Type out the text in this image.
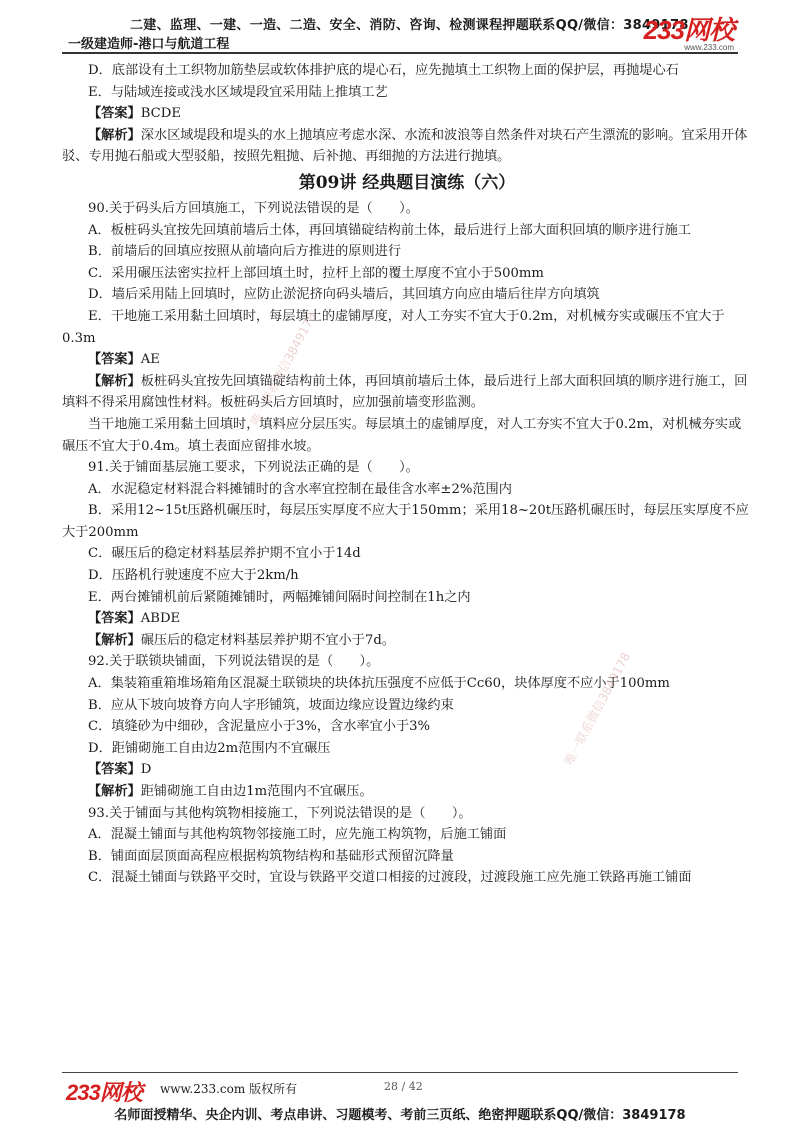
二建、监理、一建、一造、二造、安全、消防、咨询、检测课程押题联系QQ/微信：3849178
一级建造师-港口与航道工程	233网校
www.233.com
唯一联系微信3849178
唯一联系微信3849178

D．底部设有土工织物加筋垫层或软体排护底的堤心石，应先抛填土工织物上面的保护层，再抛堤心石

E．与陆域连接或浅水区域堤段宜采用陆上推填工艺

【答案】BCDE

【解析】深水区域堤段和堤头的水上抛填应考虑水深、水流和波浪等自然条件对块石产生漂流的影响。宜采用开体驳、专用抛石船或大型驳船，按照先粗抛、后补抛、再细抛的方法进行抛填。

第09讲 经典题目演练（六）

90.关于码头后方回填施工，下列说法错误的是（　　）。

A．板桩码头宜按先回填前墙后土体，再回填锚碇结构前土体，最后进行上部大面积回填的顺序进行施工

B．前墙后的回填应按照从前墙向后方推进的原则进行

C．采用碾压法密实拉杆上部回填土时，拉杆上部的覆土厚度不宜小于500mm

D．墙后采用陆上回填时，应防止淤泥挤向码头墙后，其回填方向应由墙后往岸方向填筑

E．干地施工采用黏土回填时，每层填土的虚铺厚度，对人工夯实不宜大于0.2m，对机械夯实或碾压不宜大于0.3m

【答案】AE

【解析】板桩码头宜按先回填锚碇结构前土体，再回填前墙后土体，最后进行上部大面积回填的顺序进行施工，回填料不得采用腐蚀性材料。板桩码头后方回填时，应加强前墙变形监测。

当干地施工采用黏土回填时，填料应分层压实。每层填土的虚铺厚度，对人工夯实不宜大于0.2m，对机械夯实或碾压不宜大于0.4m。填土表面应留排水坡。

91.关于铺面基层施工要求，下列说法正确的是（　　）。

A．水泥稳定材料混合料摊铺时的含水率宜控制在最佳含水率±2%范围内

B．采用12~15t压路机碾压时，每层压实厚度不应大于150mm；采用18~20t压路机碾压时，每层压实厚度不应大于200mm

C．碾压后的稳定材料基层养护期不宜小于14d

D．压路机行驶速度不应大于2km/h

E．两台摊铺机前后紧随摊铺时，两幅摊铺间隔时间控制在1h之内

【答案】ABDE

【解析】碾压后的稳定材料基层养护期不宜小于7d。

92.关于联锁块铺面，下列说法错误的是（　　）。

A．集装箱重箱堆场箱角区混凝土联锁块的块体抗压强度不应低于Cc60，块体厚度不应小于100mm

B．应从下坡向坡脊方向人字形铺筑，坡面边缘应设置边缘约束

C．填缝砂为中细砂，含泥量应小于3%，含水率宜小于3%

D．距铺砌施工自由边2m范围内不宜碾压

【答案】D

【解析】距铺砌施工自由边1m范围内不宜碾压。

93.关于铺面与其他构筑物相接施工，下列说法错误的是（　　）。

A．混凝土铺面与其他构筑物邻接施工时，应先施工构筑物，后施工铺面

B．铺面面层顶面高程应根据构筑物结构和基础形式预留沉降量

C．混凝土铺面与铁路平交时，宜设与铁路平交道口相接的过渡段，过渡段施工应先施工铁路再施工铺面

233网校 www.233.com 版权所有	28 / 42
名师面授精华、央企内训、考点串讲、习题模考、考前三页纸、绝密押题联系QQ/微信：3849178
